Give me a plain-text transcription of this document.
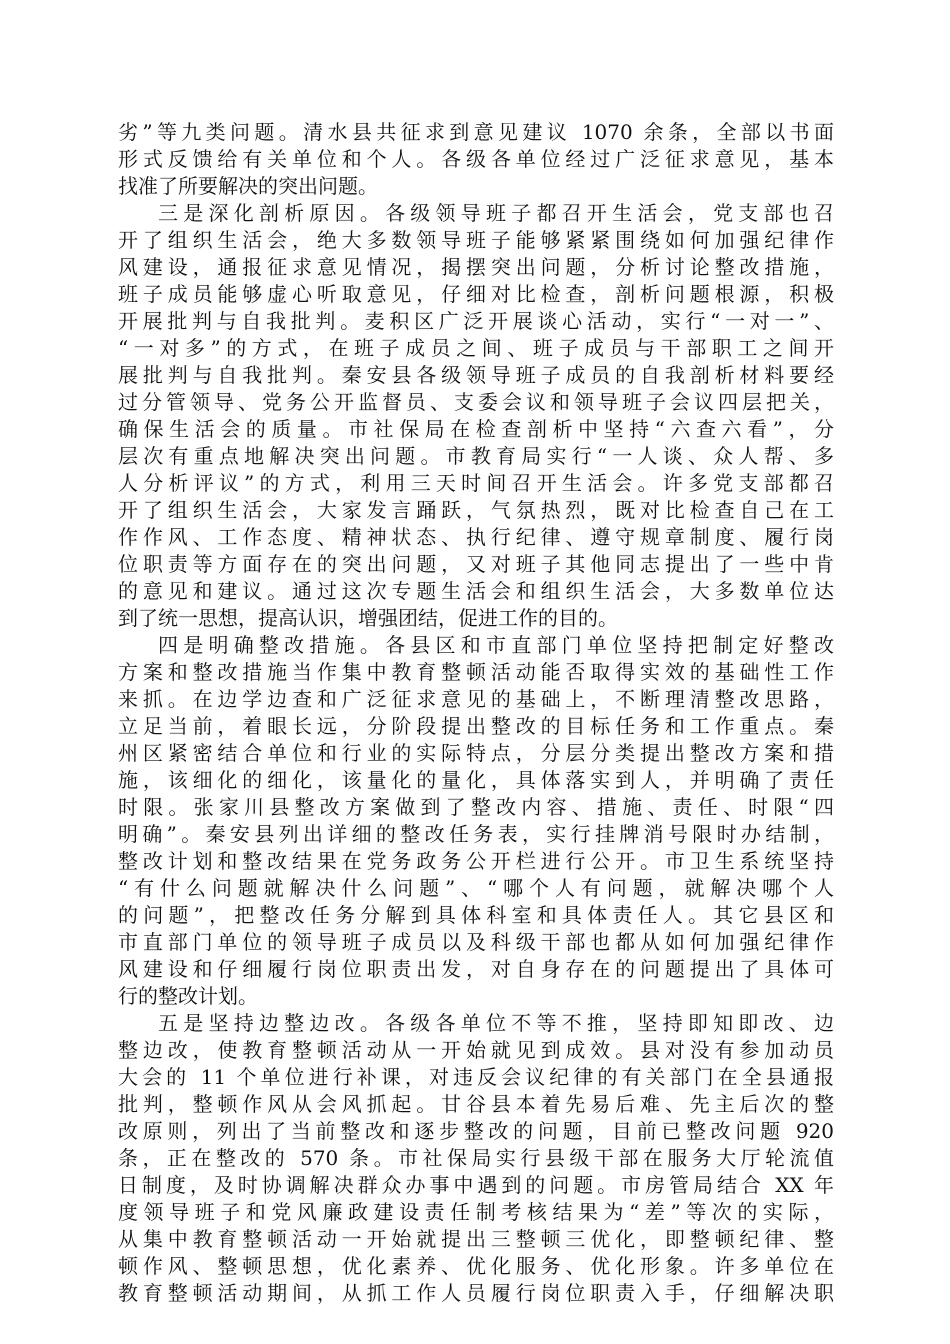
劣”等九类问题。清水县共征求到意见建议 1070 余条，全部以书面
形式反馈给有关单位和个人。各级各单位经过广泛征求意见，基本
找准了所要解决的突出问题。
三是深化剖析原因。各级领导班子都召开生活会，党支部也召
开了组织生活会，绝大多数领导班子能够紧紧围绕如何加强纪律作
风建设，通报征求意见情况，揭摆突出问题，分析讨论整改措施，
班子成员能够虚心听取意见，仔细对比检查，剖析问题根源，积极
开展批判与自我批判。麦积区广泛开展谈心活动，实行“一对一”、
“一对多”的方式，在班子成员之间、班子成员与干部职工之间开
展批判与自我批判。秦安县各级领导班子成员的自我剖析材料要经
过分管领导、党务公开监督员、支委会议和领导班子会议四层把关，
确保生活会的质量。市社保局在检查剖析中坚持“六查六看”，分
层次有重点地解决突出问题。市教育局实行“一人谈、众人帮、多
人分析评议”的方式，利用三天时间召开生活会。许多党支部都召
开了组织生活会，大家发言踊跃，气氛热烈，既对比检查自己在工
作作风、工作态度、精神状态、执行纪律、遵守规章制度、履行岗
位职责等方面存在的突出问题，又对班子其他同志提出了一些中肯
的意见和建议。通过这次专题生活会和组织生活会，大多数单位达
到了统一思想，提高认识，增强团结，促进工作的目的。
四是明确整改措施。各县区和市直部门单位坚持把制定好整改
方案和整改措施当作集中教育整顿活动能否取得实效的基础性工作
来抓。在边学边查和广泛征求意见的基础上，不断理清整改思路，
立足当前，着眼长远，分阶段提出整改的目标任务和工作重点。秦
州区紧密结合单位和行业的实际特点，分层分类提出整改方案和措
施，该细化的细化，该量化的量化，具体落实到人，并明确了责任
时限。张家川县整改方案做到了整改内容、措施、责任、时限“四
明确”。秦安县列出详细的整改任务表，实行挂牌消号限时办结制，
整改计划和整改结果在党务政务公开栏进行公开。市卫生系统坚持
“有什么问题就解决什么问题”、“哪个人有问题，就解决哪个人
的问题”，把整改任务分解到具体科室和具体责任人。其它县区和
市直部门单位的领导班子成员以及科级干部也都从如何加强纪律作
风建设和仔细履行岗位职责出发，对自身存在的问题提出了具体可
行的整改计划。
五是坚持边整边改。各级各单位不等不推，坚持即知即改、边
整边改，使教育整顿活动从一开始就见到成效。县对没有参加动员
大会的 11 个单位进行补课，对违反会议纪律的有关部门在全县通报
批判，整顿作风从会风抓起。甘谷县本着先易后难、先主后次的整
改原则，列出了当前整改和逐步整改的问题，目前已整改问题 920
条，正在整改的 570 条。市社保局实行县级干部在服务大厅轮流值
日制度，及时协调解决群众办事中遇到的问题。市房管局结合 XX 年
度领导班子和党风廉政建设责任制考核结果为“差”等次的实际，
从集中教育整顿活动一开始就提出三整顿三优化，即整顿纪律、整
顿作风、整顿思想，优化素养、优化服务、优化形象。许多单位在
教育整顿活动期间，从抓工作人员履行岗位职责入手，仔细解决职
